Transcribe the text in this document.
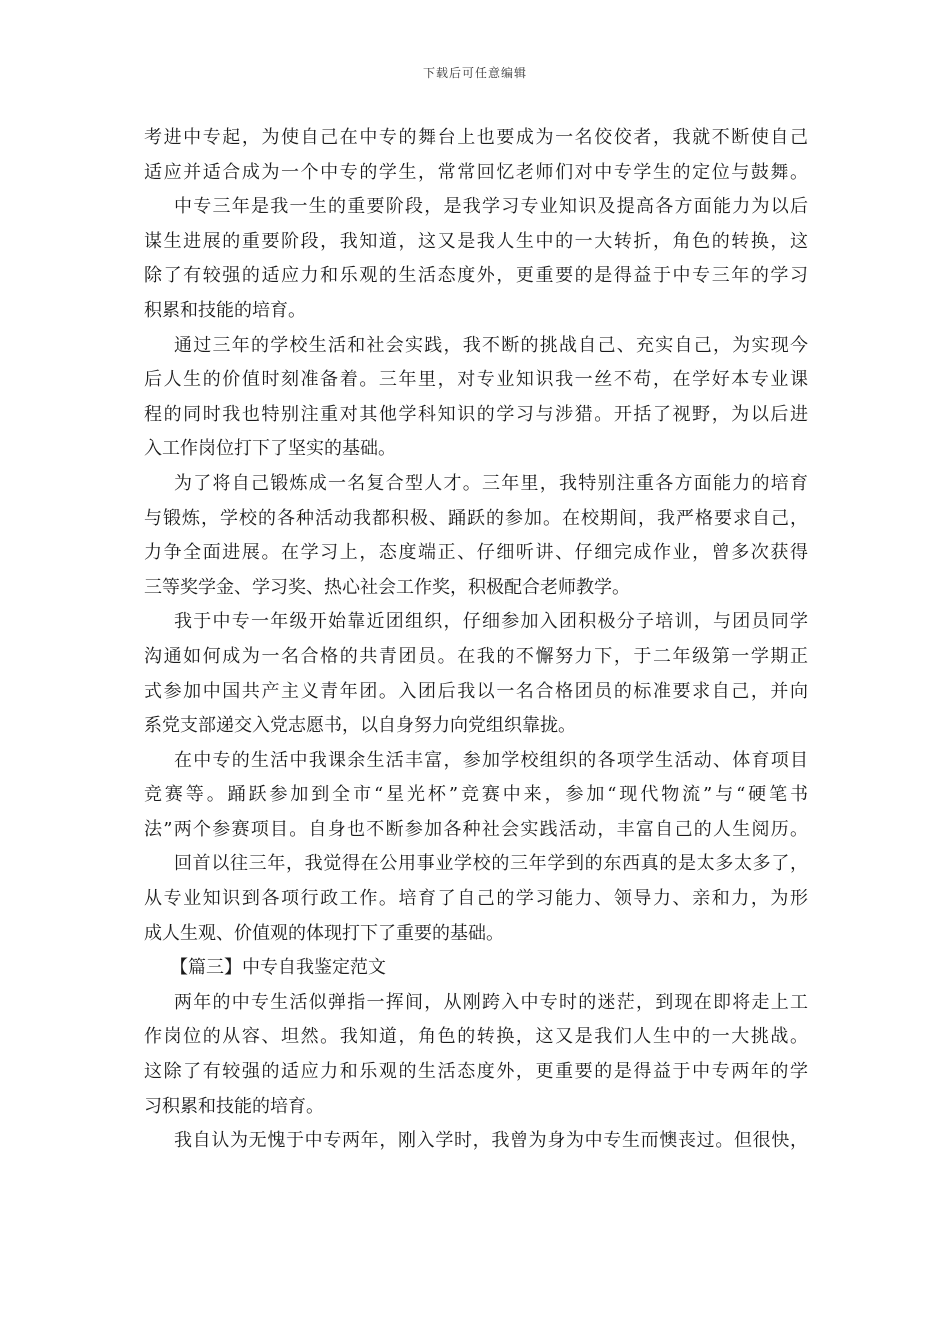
下载后可任意编辑
考进中专起，为使自己在中专的舞台上也要成为一名佼佼者，我就不断使自己
适应并适合成为一个中专的学生，常常回忆老师们对中专学生的定位与鼓舞。
中专三年是我一生的重要阶段，是我学习专业知识及提高各方面能力为以后
谋生进展的重要阶段，我知道，这又是我人生中的一大转折，角色的转换，这
除了有较强的适应力和乐观的生活态度外，更重要的是得益于中专三年的学习
积累和技能的培育。
通过三年的学校生活和社会实践，我不断的挑战自己、充实自己，为实现今
后人生的价值时刻准备着。三年里，对专业知识我一丝不苟，在学好本专业课
程的同时我也特别注重对其他学科知识的学习与涉猎。开括了视野，为以后进
入工作岗位打下了坚实的基础。
为了将自己锻炼成一名复合型人才。三年里，我特别注重各方面能力的培育
与锻炼，学校的各种活动我都积极、踊跃的参加。在校期间，我严格要求自己，
力争全面进展。在学习上，态度端正、仔细听讲、仔细完成作业，曾多次获得
三等奖学金、学习奖、热心社会工作奖，积极配合老师教学。
我于中专一年级开始靠近团组织，仔细参加入团积极分子培训，与团员同学
沟通如何成为一名合格的共青团员。在我的不懈努力下，于二年级第一学期正
式参加中国共产主义青年团。入团后我以一名合格团员的标准要求自己，并向
系党支部递交入党志愿书，以自身努力向党组织靠拢。
在中专的生活中我课余生活丰富，参加学校组织的各项学生活动、体育项目
竞赛等。踊跃参加到全市“星光杯”竞赛中来，参加“现代物流”与“硬笔书
法”两个参赛项目。自身也不断参加各种社会实践活动，丰富自己的人生阅历。
回首以往三年，我觉得在公用事业学校的三年学到的东西真的是太多太多了，
从专业知识到各项行政工作。培育了自己的学习能力、领导力、亲和力，为形
成人生观、价值观的体现打下了重要的基础。
【篇三】中专自我鉴定范文
两年的中专生活似弹指一挥间，从刚跨入中专时的迷茫，到现在即将走上工
作岗位的从容、坦然。我知道，角色的转换，这又是我们人生中的一大挑战。
这除了有较强的适应力和乐观的生活态度外，更重要的是得益于中专两年的学
习积累和技能的培育。
我自认为无愧于中专两年，刚入学时，我曾为身为中专生而懊丧过。但很快，
